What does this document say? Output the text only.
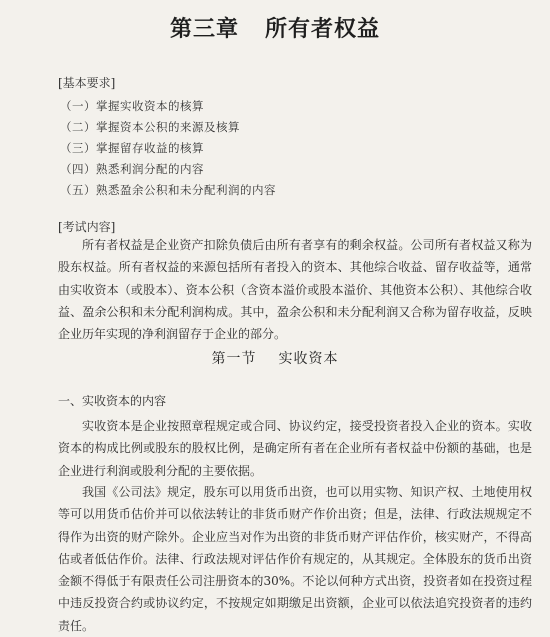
第三章 所有者权益
[基本要求]
（一）掌握实收资本的核算
（二）掌握资本公积的来源及核算
（三）掌握留存收益的核算
（四）熟悉利润分配的内容
（五）熟悉盈余公积和未分配利润的内容
[考试内容]

所有者权益是企业资产扣除负债后由所有者享有的剩余权益。公司所有者权益又称为股东权益。所有者权益的来源包括所有者投入的资本、其他综合收益、留存收益等，通常由实收资本（或股本）、资本公积（含资本溢价或股本溢价、其他资本公积）、其他综合收益、盈余公积和未分配利润构成。其中，盈余公积和未分配利润又合称为留存收益，反映企业历年实现的净利润留存于企业的部分。

第一节 实收资本
一、实收资本的内容

实收资本是企业按照章程规定或合同、协议约定，接受投资者投入企业的资本。实收资本的构成比例或股东的股权比例，是确定所有者在企业所有者权益中份额的基础，也是企业进行利润或股利分配的主要依据。

我国《公司法》规定，股东可以用货币出资，也可以用实物、知识产权、土地使用权等可以用货币估价并可以依法转让的非货币财产作价出资；但是，法律、行政法规规定不得作为出资的财产除外。企业应当对作为出资的非货币财产评估作价，核实财产，不得高估或者低估作价。法律、行政法规对评估作价有规定的，从其规定。全体股东的货币出资金额不得低于有限责任公司注册资本的30%。不论以何种方式出资，投资者如在投资过程中违反投资合约或协议约定，不按规定如期缴足出资额，企业可以依法追究投资者的违约责任。
